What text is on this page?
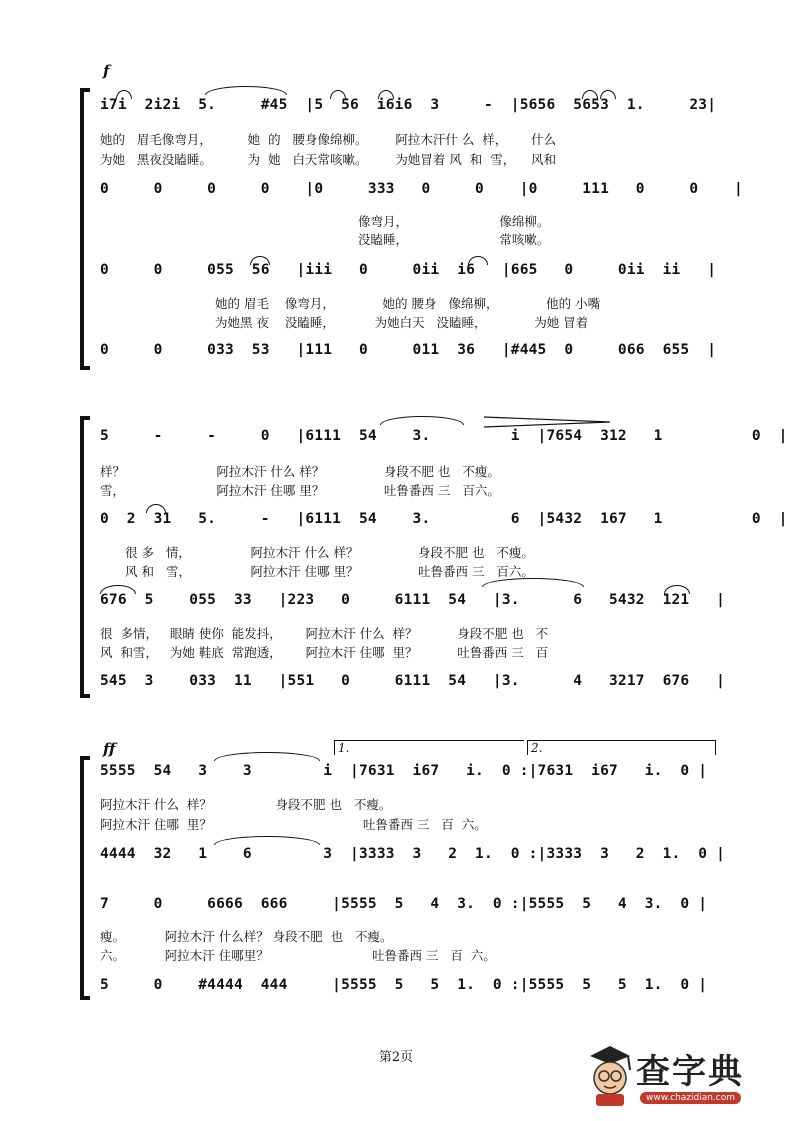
f

i7i  2i2i  5.     #45  |5  56  i6i6  3     -  |5656  5653  1.     23|

她的   眉毛像弯月，         她  的   腰身像绵柳。       阿拉木汗什 么  样，      什么
为她   黑夜没瞌睡。         为  她   白天常咳嗽。       为她冒着 风  和  雪，    风和

0     0     0     0    |0     333   0     0    |0     111   0     0    |

像弯月，                       像绵柳。
没瞌睡，                       常咳嗽。

0     0     055  56   |iii   0     0ii  i6   |665   0     0ii  ii   |

她的 眉毛    像弯月，            她的 腰身   像绵柳，            他的 小嘴
为她黑 夜    没瞌睡，          为她白天   没瞌睡，            为她 冒着

0     0     033  53   |111   0     011  36   |#445  0     066  655  |

5     -     -     0   |6111  54    3.         i  |7654  312   1          0  |

样？                       阿拉木汗 什么 样？               身段不肥 也   不瘦。
雪，                       阿拉木汗 住哪 里？               吐鲁番西 三   百六。

0  2  31   5.     -   |6111  54    3.         6  |5432  167   1          0  |

很 多   情，               阿拉木汗 什么 样？               身段不肥 也   不瘦。
风 和   雪，               阿拉木汗 住哪 里？               吐鲁番西 三   百六。

676  5    055  33   |223   0     6111  54   |3.      6   5432  121   |

很  多情，   眼睛 使你  能发抖，      阿拉木汗 什么  样？          身段不肥 也   不
风  和雪，   为她 鞋底  常跑透，      阿拉木汗 住哪  里？          吐鲁番西 三   百

545  3    033  11   |551   0     6111  54   |3.      4   3217  676   |

ff	1.	2.

5555  54   3    3        i  |7631  i67   i.  0 :|7631  i67   i.  0 |

阿拉木汗 什么  样？                身段不肥 也   不瘦。
阿拉木汗 住哪  里？                                      吐鲁番西 三   百  六。

4444  32   1    6        3  |3333  3   2  1.  0 :|3333  3   2  1.  0 |

7     0     6666  666     |5555  5   4  3.  0 :|5555  5   4  3.  0 |

瘦。          阿拉木汗 什么样？ 身段不肥  也   不瘦。
六。          阿拉木汗 住哪里？                          吐鲁番西 三   百  六。

5     0    #4444  444     |5555  5   5  1.  0 :|5555  5   5  1.  0 |

第2页	查字典
www.chazidian.com
